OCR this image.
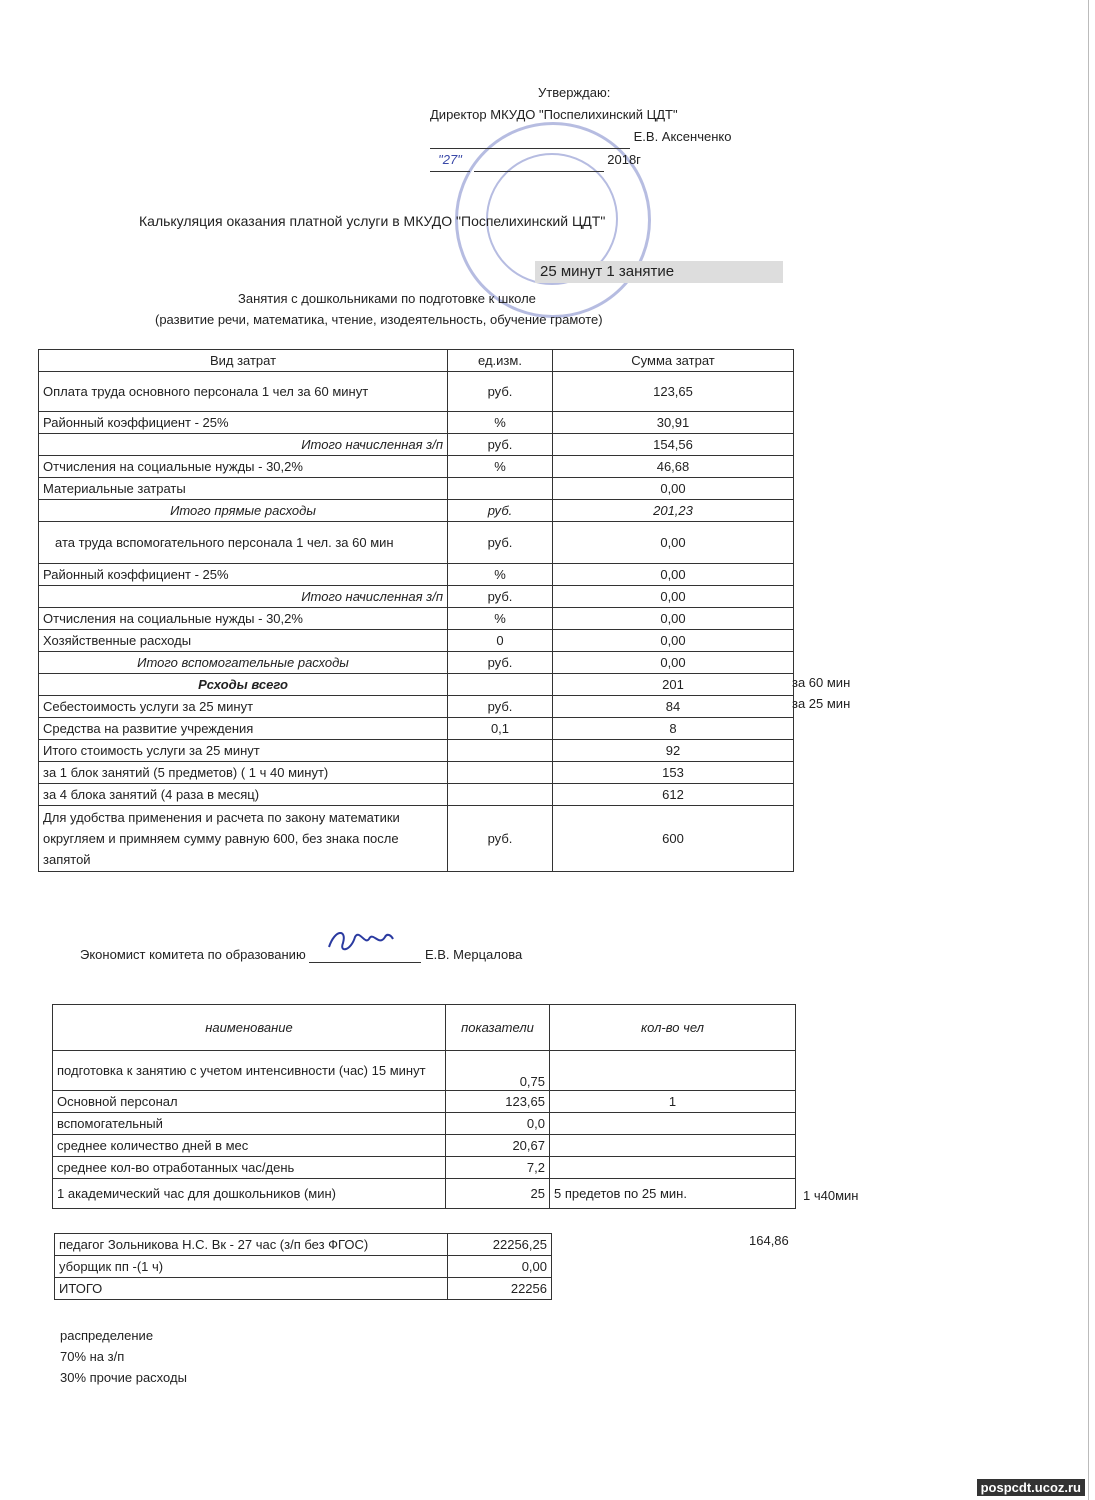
Утверждаю:
Директор МКУДО "Поспелихинский ЦДТ"
Е.В. Аксенченко
"27"	2018г
Калькуляция оказания платной услуги в МКУДО "Поспелихинский ЦДТ"
25 минут 1 занятие
Занятия с дошкольниками по подготовке к школе
(развитие речи, математика, чтение, изодеятельность, обучение грамоте)
Вид затрат	ед.изм.	Сумма затрат
Оплата труда основного персонала 1 чел за 60 минут	руб.	123,65
Районный коэффициент - 25%	%	30,91
Итого начисленная з/п	руб.	154,56
Отчисления на социальные нужды - 30,2%	%	46,68
Материальные затраты		0,00
Итого прямые расходы	руб.	201,23
ата труда вспомогательного персонала 1 чел. за 60 мин	руб.	0,00
Районный коэффициент - 25%	%	0,00
Итого начисленная з/п	руб.	0,00
Отчисления на социальные нужды - 30,2%	%	0,00
Хозяйственные расходы	0	0,00
Итого вспомогательные расходы	руб.	0,00
Рсходы всего		201
Себестоимость услуги за 25 минут	руб.	84
Средства на развитие учреждения	0,1	8
Итого стоимость услуги за 25 минут		92
за 1 блок занятий (5 предметов) ( 1 ч 40 минут)		153
за 4 блока занятий (4 раза в месяц)		612
Для удобства применения и расчета по закону математики округляем и примняем сумму равную 600, без знака после запятой	руб.	600
за 60 мин
за 25 мин
Экономист комитета по образованию	Е.В. Мерцалова
наименование	показатели	кол-во чел
подготовка к занятию с учетом интенсивности (час) 15 минут	0,75	
Основной персонал	123,65	1
вспомогательный	0,0	
среднее количество дней в мес	20,67	
среднее кол-во отработанных час/день	7,2	
1 академический час для дошкольников (мин)	25	5 предетов по 25 мин.	1 ч40мин
педагог Зольникова Н.С. Вк - 27 час (з/п без ФГОС)	22256,25
уборщик пп -(1 ч)	0,00
ИТОГО	22256
164,86
распределение
70% на з/п
30% прочие расходы
pospcdt.ucoz.ru
